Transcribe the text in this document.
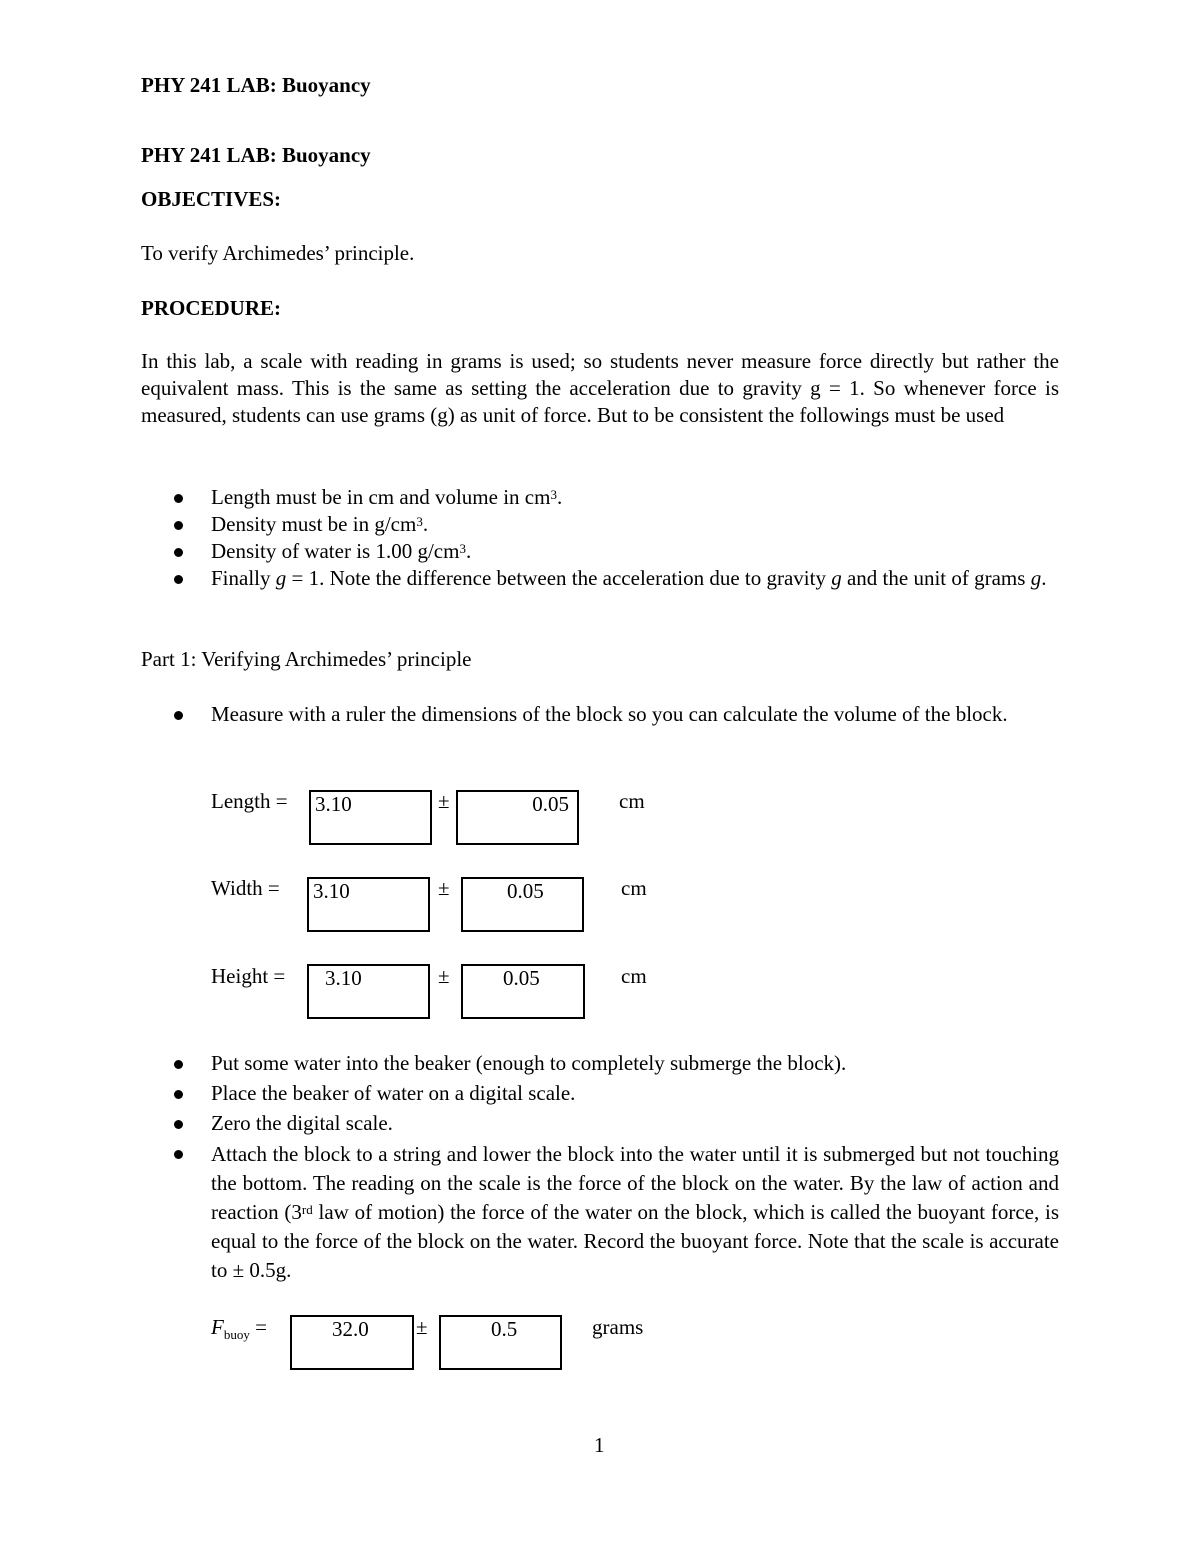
PHY 241 LAB: Buoyancy
PHY 241 LAB: Buoyancy
OBJECTIVES:
To verify Archimedes’ principle.
PROCEDURE:
In this lab, a scale with reading in grams is used; so students never measure force directly but rather the equivalent mass. This is the same as setting the acceleration due to gravity g = 1. So whenever force is measured, students can use grams (g) as unit of force. But to be consistent the followings must be used
Length must be in cm and volume in $cm^3$.
Density must be in $g/cm^3$.
Density of water is 1.00 $g/cm^3$.
Finally g = 1. Note the difference between the acceleration due to gravity g and the unit of grams g.
Part 1: Verifying Archimedes’ principle
Measure with a ruler the dimensions of the block so you can calculate the volume of the block.
Length = 3.10	±	0.05 cm
Width = 3.10	±	0.05	cm
Height = 3.10	±	0.05	cm
Put some water into the beaker (enough to completely submerge the block).
Place the beaker of water on a digital scale.
Zero the digital scale.
Attach the block to a string and lower the block into the water until it is submerged but not touching the bottom. The reading on the scale is the force of the block on the water. By the law of action and reaction (3rd law of motion) the force of the water on the block, which is called the buoyant force, is equal to the force of the block on the water. Record the buoyant force. Note that the scale is accurate to ± 0.5g.
$F_{buoy}$ =	32.0 ±	0.5	grams
1
